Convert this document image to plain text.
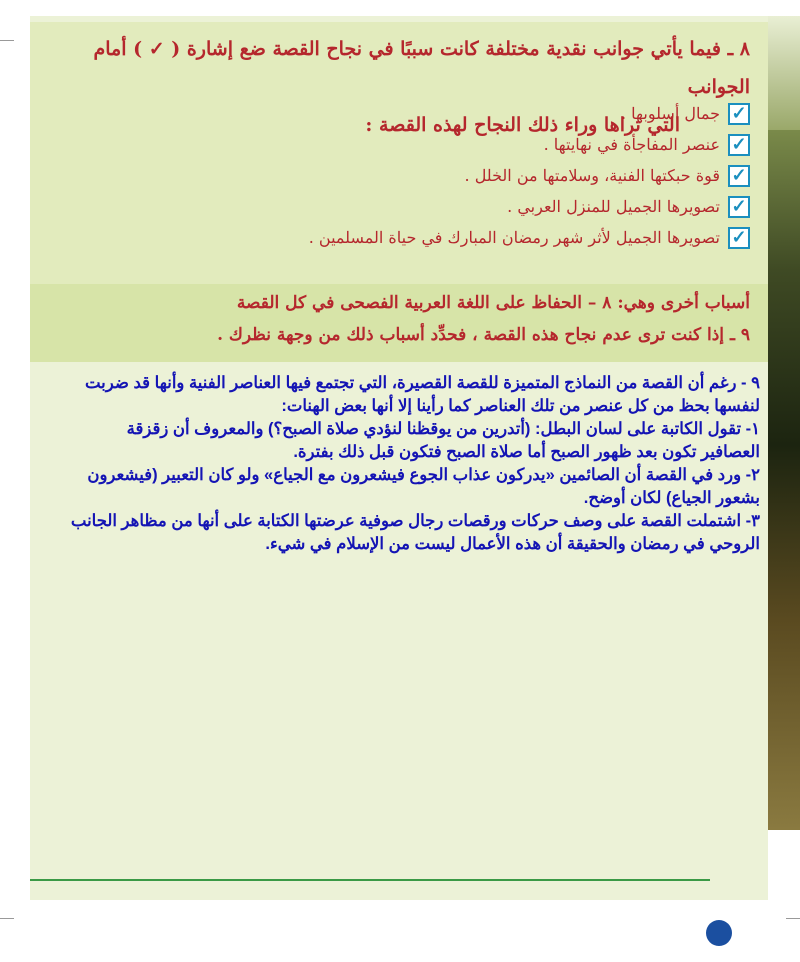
٨ ـ فيما يأتي جوانب نقدية مختلفة كانت سببًا في نجاح القصة ضع إشارة ( ✓ ) أمام الجوانب
التي تراها وراء ذلك النجاح لهذه القصة :
✓
جمال أسلوبها .
✓
عنصر المفاجأة في نهايتها .
✓
قوة حبكتها الفنية، وسلامتها من الخلل .
✓
تصويرها الجميل للمنزل العربي .
✓
تصويرها الجميل لأثر شهر رمضان المبارك في حياة المسلمين .
أسباب أخرى وهي: ٨ – الحفاظ على اللغة العربية الفصحى في كل القصة
٩ ـ إذا كنت ترى عدم نجاح هذه القصة ، فحدِّد أسباب ذلك من وجهة نظرك .

٩ - رغم أن القصة من النماذج المتميزة للقصة القصيرة، التي تجتمع فيها العناصر الفنية وأنها قد ضربت لنفسها بحظ من كل عنصر من تلك العناصر كما رأينا إلا أنها بعض الهنات:

١- تقول الكاتبة على لسان البطل: (أتدرين من يوقظنا لنؤدي صلاة الصبح؟) والمعروف أن زقزقة العصافير تكون بعد ظهور الصبح أما صلاة الصبح فتكون قبل ذلك بفترة.

٢- ورد في القصة أن الصائمين «يدركون عذاب الجوع فيشعرون مع الجياع» ولو كان التعبير (فيشعرون بشعور الجياع) لكان أوضح.

٣- اشتملت القصة على وصف حركات ورقصات رجال صوفية عرضتها الكتابة على أنها من مظاهر الجانب الروحي في رمضان والحقيقة أن هذه الأعمال ليست من الإسلام في شيء.
